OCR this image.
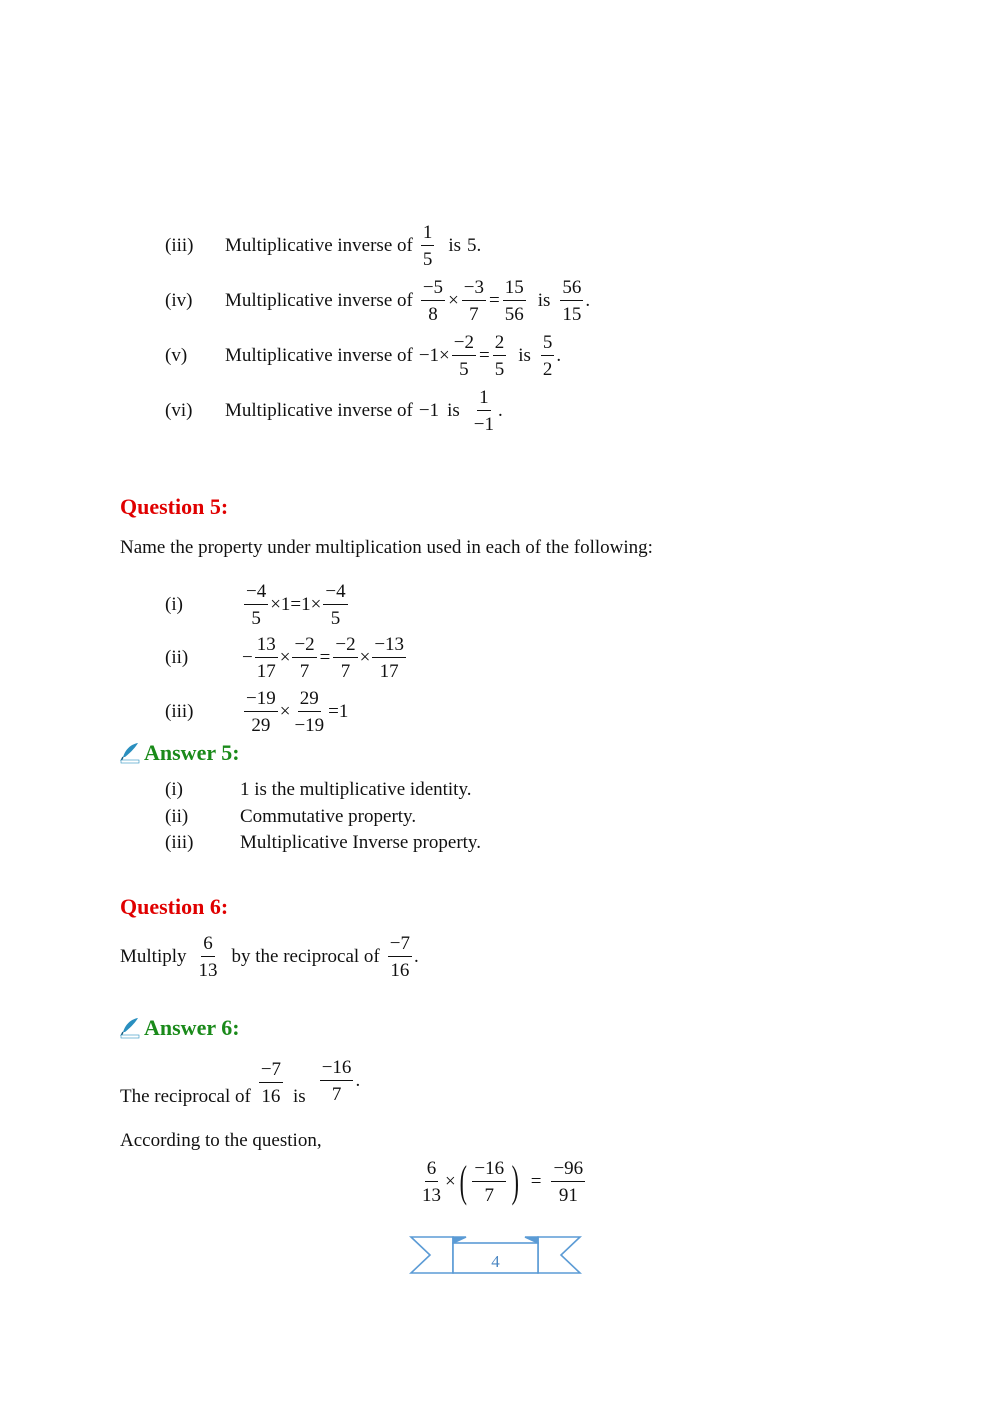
(iii)	Multiplicative inverse of $\frac{1}{5}$ is 5.
(iv)	Multiplicative inverse of $\frac{-5}{8} \times \frac{-3}{7} = \frac{15}{56}$ is $\frac{56}{15}$ .
(v)	Multiplicative inverse of $-1\times \frac{-2}{5} = \frac{2}{5}$ is $\frac{5}{2}$ .
(vi)	Multiplicative inverse of −1 is $\frac{1}{-1}$ .
Question 5:
Name the property under multiplication used in each of the following:
(i)	$\frac{-4}{5} \times 1=1\times \frac{-4}{5}$
(ii)	− $\frac{13}{17} \times \frac{-2}{7} = \frac{-2}{7} \times \frac{-13}{17}$
(iii)	$\frac{-19}{29} \times \frac{29}{-19} =1$
Answer 5:
(i)	1 is the multiplicative identity.
(ii)	Commutative property.
(iii)	Multiplicative Inverse property.
Question 6:
Multiply $\frac{6}{13}$ by the reciprocal of $\frac{-7}{16}$ .
Answer 6:
The reciprocal of $\frac{-7}{16}$ is $\frac{-16}{7}$ .
According to the question,
$\frac{6}{13}$ × ( $\frac{-16}{7}$ ) = $\frac{-96}{91}$
4
